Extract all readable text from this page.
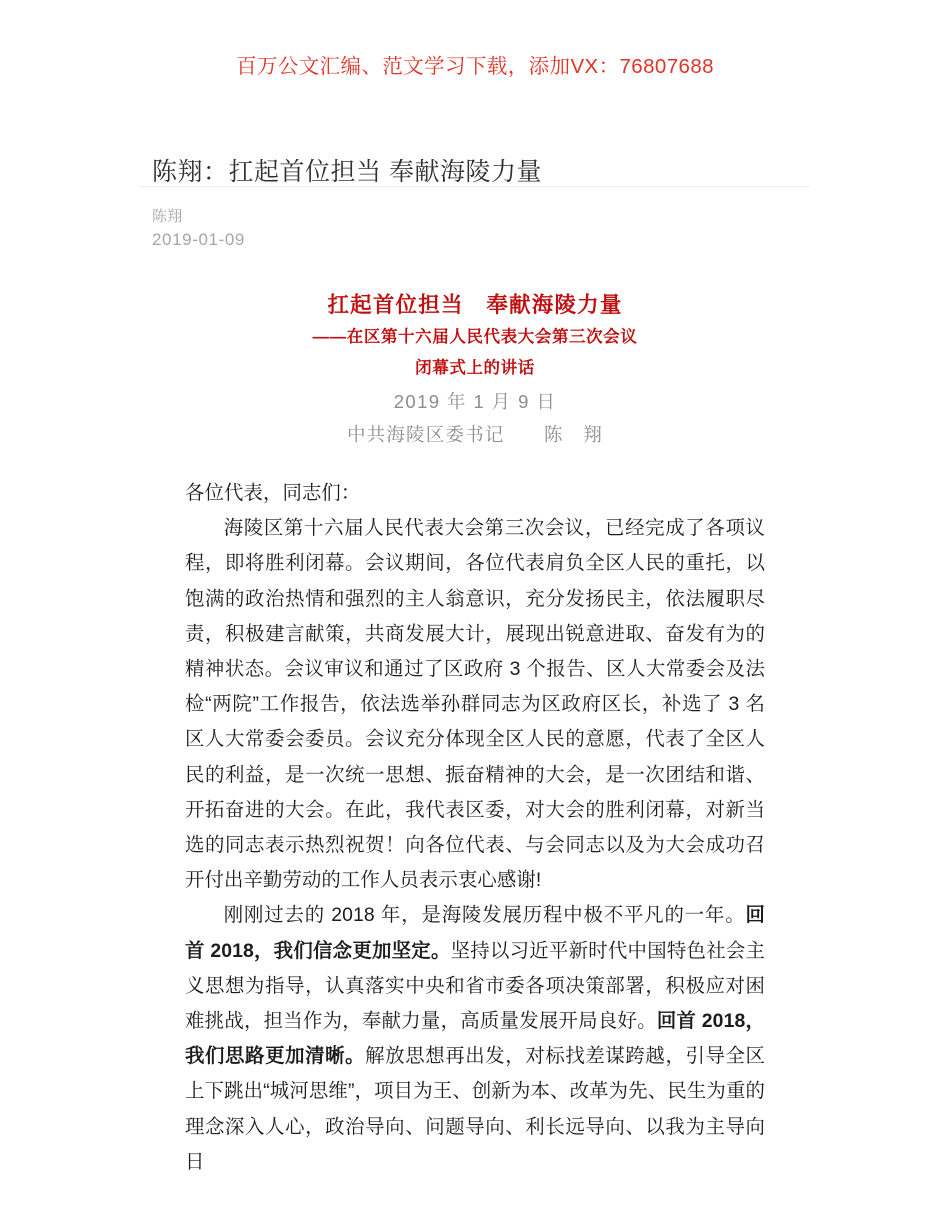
百万公文汇编、范文学习下载，添加VX：76807688
陈翔：扛起首位担当 奉献海陵力量
陈翔
2019-01-09
扛起首位担当　奉献海陵力量
——在区第十六届人民代表大会第三次会议
闭幕式上的讲话
2019 年 1 月 9 日
中共海陵区委书记　　陈　翔

各位代表，同志们：

海陵区第十六届人民代表大会第三次会议，已经完成了各项议程，即将胜利闭幕。会议期间，各位代表肩负全区人民的重托，以饱满的政治热情和强烈的主人翁意识，充分发扬民主，依法履职尽责，积极建言献策，共商发展大计，展现出锐意进取、奋发有为的精神状态。会议审议和通过了区政府 3 个报告、区人大常委会及法检“两院”工作报告，依法选举孙群同志为区政府区长，补选了 3 名区人大常委会委员。会议充分体现全区人民的意愿，代表了全区人民的利益，是一次统一思想、振奋精神的大会，是一次团结和谐、开拓奋进的大会。在此，我代表区委，对大会的胜利闭幕，对新当选的同志表示热烈祝贺！向各位代表、与会同志以及为大会成功召开付出辛勤劳动的工作人员表示衷心感谢!

刚刚过去的 2018 年，是海陵发展历程中极不平凡的一年。回首 2018，我们信念更加坚定。坚持以习近平新时代中国特色社会主义思想为指导，认真落实中央和省市委各项决策部署，积极应对困难挑战，担当作为，奉献力量，高质量发展开局良好。回首 2018，我们思路更加清晰。解放思想再出发，对标找差谋跨越，引导全区上下跳出“城河思维”，项目为王、创新为本、改革为先、民生为重的理念深入人心，政治导向、问题导向、利长远导向、以我为主导向日
